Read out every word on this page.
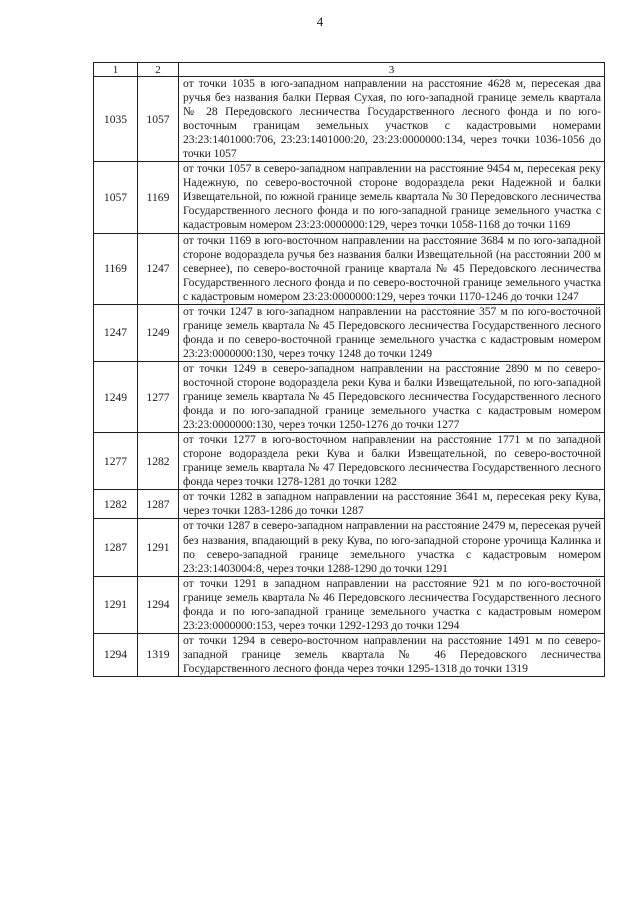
4
1	2	3
1035	1057	от точки 1035 в юго-западном направлении на расстояние 4628 м, пересекая два ручья без названия балки Первая Сухая, по юго-западной границе земель квартала № 28 Передовского лесничества Государственного лесного фонда и по юго-восточным границам земельных участков с кадастровыми номерами 23:23:1401000:706, 23:23:1401000:20, 23:23:0000000:134, через точки 1036-1056 до точки 1057
1057	1169	от точки 1057 в северо-западном направлении на расстояние 9454 м, пересекая реку Надежную, по северо-восточной стороне водораздела реки Надежной и балки Извещательной, по южной границе земель квартала № 30 Передовского лесничества Государственного лесного фонда и по юго-западной границе земельного участка с кадастровым номером 23:23:0000000:129, через точки 1058-1168 до точки 1169
1169	1247	от точки 1169 в юго-восточном направлении на расстояние 3684 м по юго-западной стороне водораздела ручья без названия балки Извещательной (на расстоянии 200 м севернее), по северо-восточной границе квартала № 45 Передовского лесничества Государственного лесного фонда и по северо-восточной границе земельного участка с кадастровым номером 23:23:0000000:129, через точки 1170-1246 до точки 1247
1247	1249	от точки 1247 в юго-западном направлении на расстояние 357 м по юго-восточной границе земель квартала № 45 Передовского лесничества Государственного лесного фонда и по северо-восточной границе земельного участка с кадастровым номером 23:23:0000000:130, через точку 1248 до точки 1249
1249	1277	от точки 1249 в северо-западном направлении на расстояние 2890 м по северо-восточной стороне водораздела реки Кува и балки Извещательной, по юго-западной границе земель квартала № 45 Передовского лесничества Государственного лесного фонда и по юго-западной границе земельного участка с кадастровым номером 23:23:0000000:130, через точки 1250-1276 до точки 1277
1277	1282	от точки 1277 в юго-восточном направлении на расстояние 1771 м по западной стороне водораздела реки Кува и балки Извещательной, по северо-восточной границе земель квартала № 47 Передовского лесничества Государственного лесного фонда через точки 1278-1281 до точки 1282
1282	1287	от точки 1282 в западном направлении на расстояние 3641 м, пересекая реку Кува, через точки 1283-1286 до точки 1287
1287	1291	от точки 1287 в северо-западном направлении на расстояние 2479 м, пересекая ручей без названия, впадающий в реку Кува, по юго-западной стороне урочища Калинка и по северо-западной границе земельного участка с кадастровым номером 23:23:1403004:8, через точки 1288-1290 до точки 1291
1291	1294	от точки 1291 в западном направлении на расстояние 921 м по юго-восточной границе земель квартала № 46 Передовского лесничества Государственного лесного фонда и по юго-западной границе земельного участка с кадастровым номером 23:23:0000000:153, через точки 1292-1293 до точки 1294
1294	1319	от точки 1294 в северо-восточном направлении на расстояние 1491 м по северо-западной границе земель квартала № 46 Передовского лесничества Государственного лесного фонда через точки 1295-1318 до точки 1319
